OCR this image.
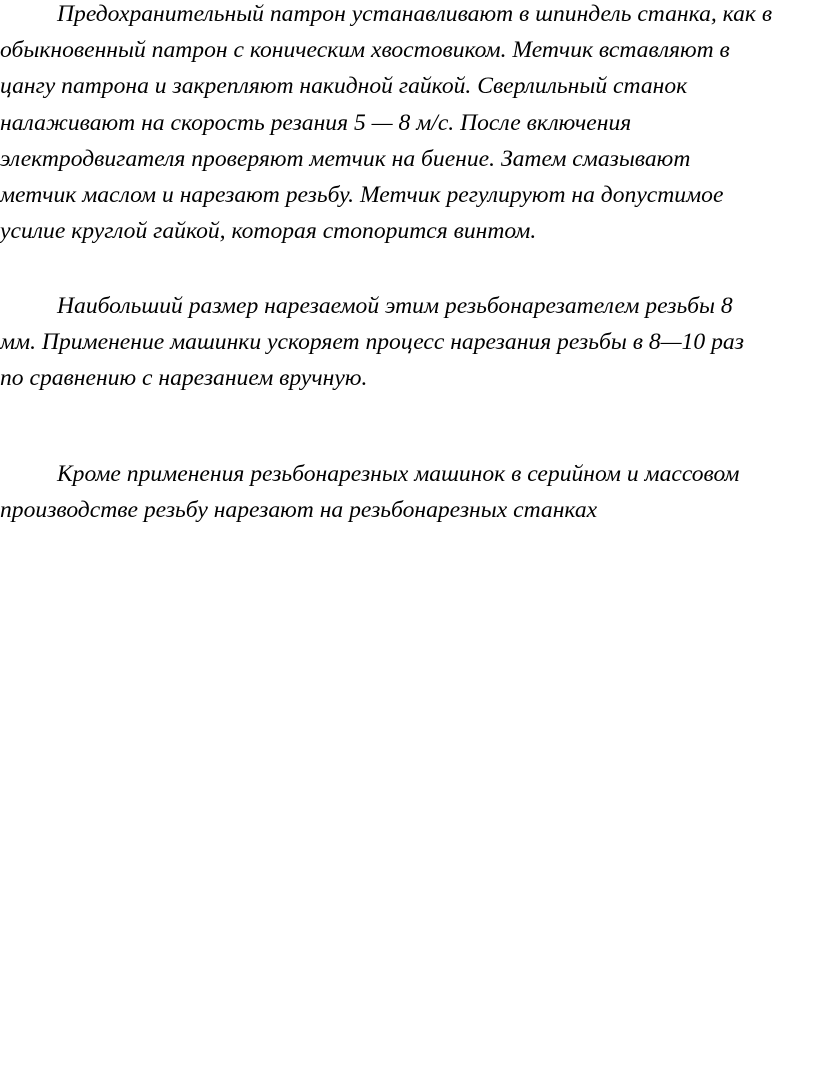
Предохранительный патрон устанавливают в шпиндель станка, как в
обыкновенный патрон с коническим хвостовиком. Метчик вставляют в
цангу патрона и закрепляют накидной гайкой. Сверлильный станок
налаживают на скорость резания 5 — 8 м/с. После включения
электродвигателя проверяют метчик на биение. Затем смазывают
метчик маслом и нарезают резьбу. Метчик регулируют на допустимое
усилие круглой гайкой, которая стопорится винтом.

Наибольший размер нарезаемой этим резьбонарезателем резьбы 8
мм. Применение машинки ускоряет процесс нарезания резьбы в 8—10 раз
по сравнению с нарезанием вручную.

Кроме применения резьбонарезных машинок в серийном и массовом
производстве резьбу нарезают на резьбонарезных станках
